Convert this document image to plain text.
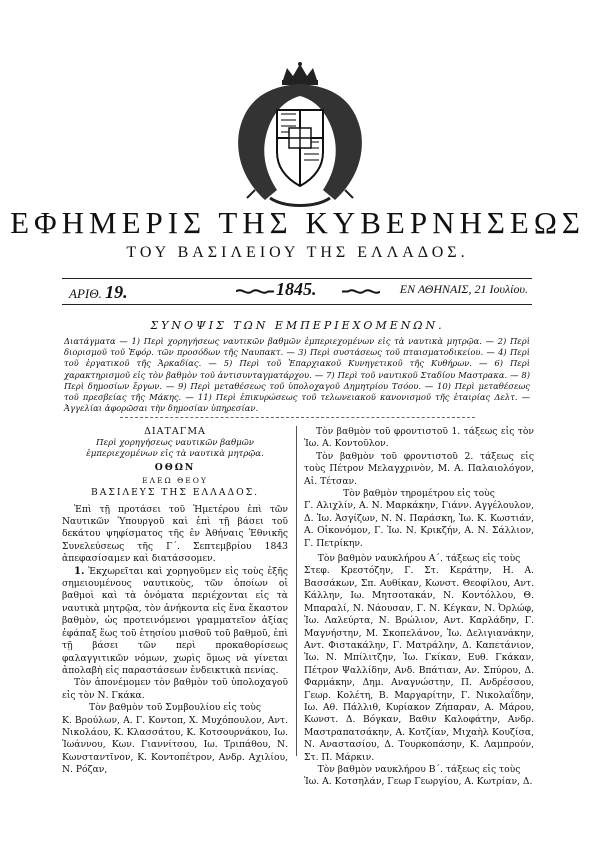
ΕΦΗΜΕΡΙΣ ΤΗΣ ΚΥΒΕΡΝΗΣΕΩΣ
ΤΟΥ ΒΑΣΙΛΕΙΟΥ ΤΗΣ ΕΛΛΑΔΟΣ.
ΑΡΙΘ. 19.	1845.	ΕΝ ΑΘΗΝΑΙΣ, 21 Ιουλίου.
ΣΥΝΟΨΙΣ ΤΩΝ ΕΜΠΕΡΙΕΧΟΜΕΝΩΝ.

Διατάγματα — 1) Περὶ χορηγήσεως ναυτικῶν βαθμῶν ἐμπεριεχομένων εἰς τὰ ναυτικὰ μητρῷα. — 2) Περὶ διορισμοῦ τοῦ Ἐφόρ. τῶν προσόδων τῆς Ναυπακτ. — 3) Περὶ συστάσεως τοῦ πταισματοδικείου. — 4) Περὶ τοῦ ἐργατικοῦ τῆς Ἀρκαδίας. — 5) Περὶ τοῦ Ἐπαρχιακοῦ Κυνηγετικοῦ τῆς Κυθήρων. — 6) Περὶ χαρακτηρισμοῦ εἰς τὸν βαθμὸν τοῦ ἀντισυνταγματάρχου. — 7) Περὶ τοῦ ναυτικοῦ Σταδίου Μαστρακα. — 8) Περὶ δημοσίων ἔργων. — 9) Περὶ μεταθέσεως τοῦ ὑπολοχαγοῦ Δημητρίου Τσόου. — 10) Περὶ μεταθέσεως τοῦ πρεσβείας τῆς Μάκης. — 11) Περὶ ἐπικυρώσεως τοῦ τελωνειακοῦ κανονισμοῦ τῆς ἑταιρίας Δελτ. — Ἀγγελίαι ἀφορῶσαι τὴν δημοσίαν ὑπηρεσίαν.

ΔΙΑΤΑΓΜΑ
Περὶ χορηγήσεως ναυτικῶν βαθμῶν ἐμπεριεχομένων εἰς τὰ ναυτικὰ μητρῷα.
ΟΘΩΝ
ΕΛΕΩ ΘΕΟΥ
ΒΑΣΙΛΕΥΣ ΤΗΣ ΕΛΛΑΔΟΣ.

Ἐπὶ τῇ προτάσει τοῦ Ἡμετέρου ἐπὶ τῶν Ναυτικῶν Ὑπουργοῦ καὶ ἐπὶ τῇ βάσει τοῦ δεκάτου ψηφίσματος τῆς ἐν Ἀθήναις Ἐθνικῆς Συνελεύσεως τῆς Γ΄. Σεπτεμβρίου 1843 ἀπεφασίσαμεν καὶ διατάσσομεν.

1. Ἐκχωρεῖται καὶ χορηγοῦμεν εἰς τοὺς ἐξῆς σημειουμένους ναυτικοὺς, τῶν ὁποίων οἱ βαθμοὶ καὶ τὰ ὀνόματα περιέχονται εἰς τὰ ναυτικὰ μητρῷα, τὸν ἀνήκοντα εἰς ἕνα ἕκαστον βαθμὸν, ὡς προτεινόμενοι γραμματεῖον ἀξίας ἐφάπαξ ἕως τοῦ ἑτησίου μισθοῦ τοῦ βαθμοῦ, ἐπὶ τῇ βάσει τῶν περὶ προκαθορίσεως φαλαγγιτικῶν νόμων, χωρὶς ὅμως νὰ γίνεται ἀπολαβὴ εἰς παραστάσεων ἐνδεικτικὰ πενίας.

Τὸν ἀπονέμομεν τὸν βαθμὸν τοῦ ὑπολοχαγοῦ εἰς τὸν Ν. Γκάκα.

Τὸν βαθμὸν τοῦ Συμβουλίου εἰς τοὺς

Κ. Βρούλων, Α. Γ. Κοντοπ, Χ. Μυχόπουλον, Αντ. Νικολάου, Κ. Κλασσάτου, Κ. Κοτσουρνάκου, Ιω. Ἰωάννου, Κων. Γιαννίτσου, Ιω. Τριπάθου, Ν. Κωνσταντῖνον, Κ. Κοντοπέτρον, Ανδρ. Αχιλίου, Ν. Ρόζαν,

Τὸν βαθμὸν τοῦ φροντιστοῦ 1. τάξεως εἰς τὸν Ἰω. Α. Κοντοῦλον.

Τὸν βαθμὸν τοῦ φροντιστοῦ 2. τάξεως εἰς τοὺς Πέτρον Μελαγχρινὸν, Μ. Α. Παλαιολόγον, Αἰ. Τέτσαν.

Τὸν βαθμὸν τηρομέτρου εἰς τοὺς

Γ. Αλιχλίν, Α. Ν. Μαρκάκην, Γιάνν. Αγγέλουλον, Δ. Ἰω. Ἀσγίζων, Ν. Ν. Παράσκη, Ἰω. Κ. Κωστιάν, Α. Οἰκονόμον, Γ. Ἰω. Ν. Κρικζήν, Α. Ν. Σάλλιον, Γ. Πετρίκην.

Τὸν βαθμὸν ναυκλήρου Α΄. τάξεως εἰς τοὺς

Στεφ. Κρεστόζην, Γ. Στ. Κεράτην, Η. Α. Βασσάκων, Σπ. Αυθίκαν, Κωνστ. Θεοφίλου, Αντ. Κάλλην, Ιω. Μητσοτακάν, Ν. Κοντόλλου, Θ. Μπαραλί, Ν. Νάουσαν, Γ. Ν. Κέγκαν, Ν. Ὀρλώφ, Ἰω. Λαλεύρτα, Ν. Βρώλιον, Αντ. Καρλάδην, Γ. Μαγνήστην, Μ. Σκοπελάνον, Ἰω. Δελιγιανάκην, Αντ. Φιστακάλην, Γ. Ματράλην, Δ. Καπετάνιον, Ἰω. Ν. Μπίλιτζην, Ἰω. Γκίκαν, Ευθ. Γκάκαν, Πέτρον Ψαλλίδην, Ανδ. Βπάτιαν, Αν. Σπύρου, Δ. Φαρμάκην, Δημ. Αναγνώστην, Π. Ανδρέσσου, Γεωρ. Κολέτη, Β. Μαργαρίτην, Γ. Νικολαΐδην, Ιω. Αθ. Πάλλιθ, Κυρίακον Ζήπαραν, Α. Μάρου, Κωνστ. Δ. Βόγκαν, Βαθιν Καλοφάτην, Ανδρ. Μαστραπατσάκην, Α. Κοτζίαν, Μιχαὴλ Κουζίσα, Ν. Αναστασίου, Δ. Τουρκοπάσην, Κ. Λαμπρούν, Στ. Π. Μάρκιν.

Τὸν βαθμὸν ναυκλήρου Β΄. τάξεως εἰς τοὺς

Ἰω. Α. Κοτσηλάν, Γεωρ Γεωργίου, Α. Κωτρίαν, Δ.
